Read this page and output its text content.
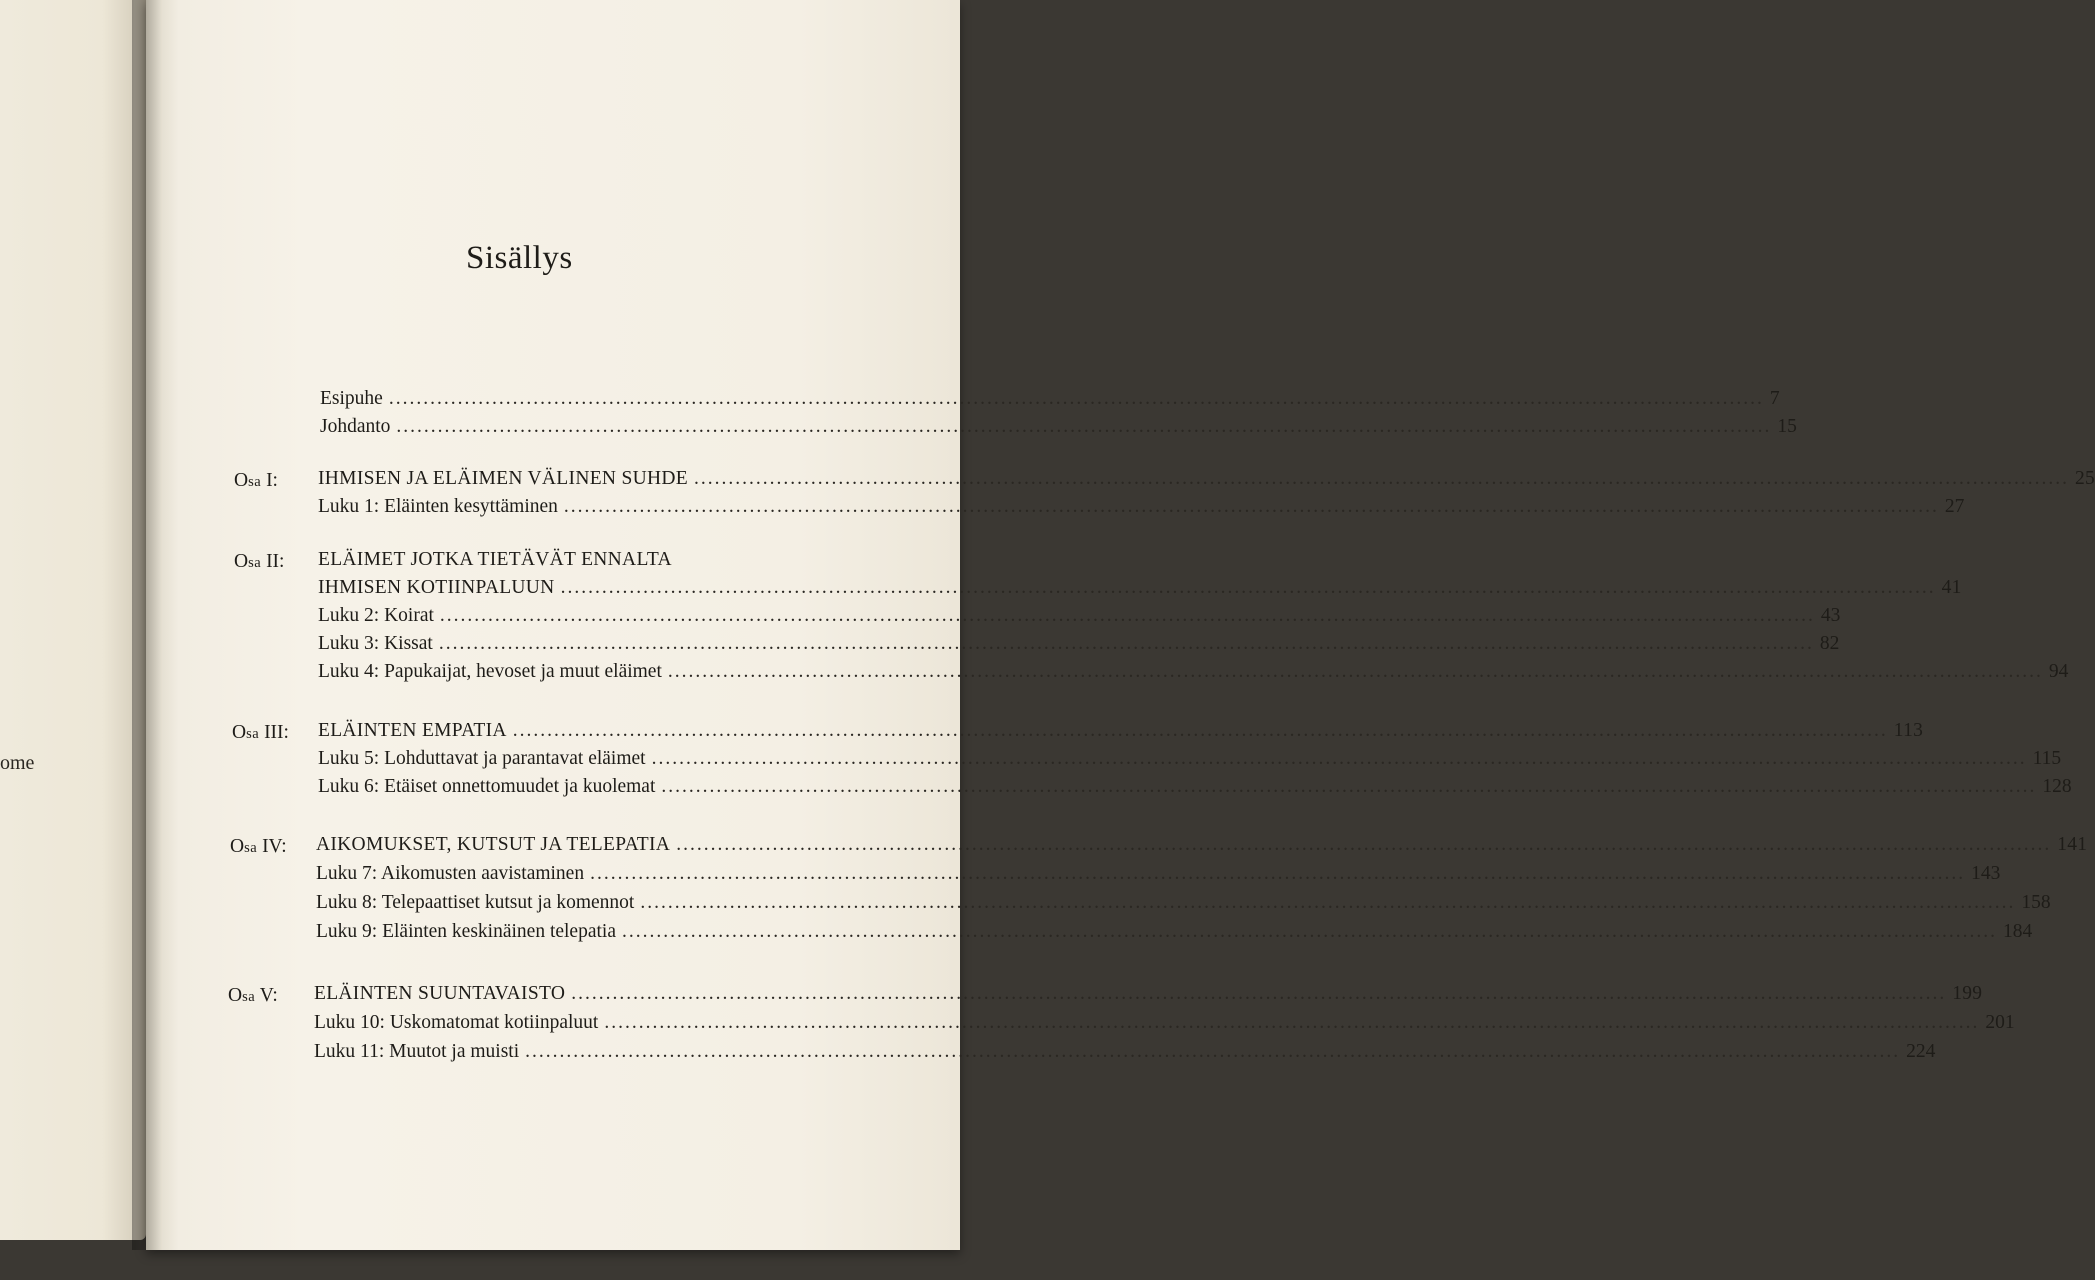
ome
Sisällys
Esipuhe ........................................................................................................................................................................................................ 7
Johdanto ........................................................................................................................................................................................................ 15
Osa I: IHMISEN JA ELÄIMEN VÄLINEN SUHDE ........................................................................................................................................................................................................ 25
Luku 1: Eläinten kesyttäminen ........................................................................................................................................................................................................ 27
Osa II: ELÄIMET JOTKA TIETÄVÄT ENNALTA
IHMISEN KOTIINPALUUN ........................................................................................................................................................................................................ 41
Luku 2: Koirat ........................................................................................................................................................................................................ 43
Luku 3: Kissat ........................................................................................................................................................................................................ 82
Luku 4: Papukaijat, hevoset ja muut eläimet ........................................................................................................................................................................................................ 94
Osa III: ELÄINTEN EMPATIA ........................................................................................................................................................................................................ 113
Luku 5: Lohduttavat ja parantavat eläimet ........................................................................................................................................................................................................ 115
Luku 6: Etäiset onnettomuudet ja kuolemat ........................................................................................................................................................................................................ 128
Osa IV: AIKOMUKSET, KUTSUT JA TELEPATIA ........................................................................................................................................................................................................ 141
Luku 7: Aikomusten aavistaminen ........................................................................................................................................................................................................ 143
Luku 8: Telepaattiset kutsut ja komennot ........................................................................................................................................................................................................ 158
Luku 9: Eläinten keskinäinen telepatia ........................................................................................................................................................................................................ 184
Osa V: ELÄINTEN SUUNTAVAISTO ........................................................................................................................................................................................................ 199
Luku 10: Uskomatomat kotiinpaluut ........................................................................................................................................................................................................ 201
Luku 11: Muutot ja muisti ........................................................................................................................................................................................................ 224
